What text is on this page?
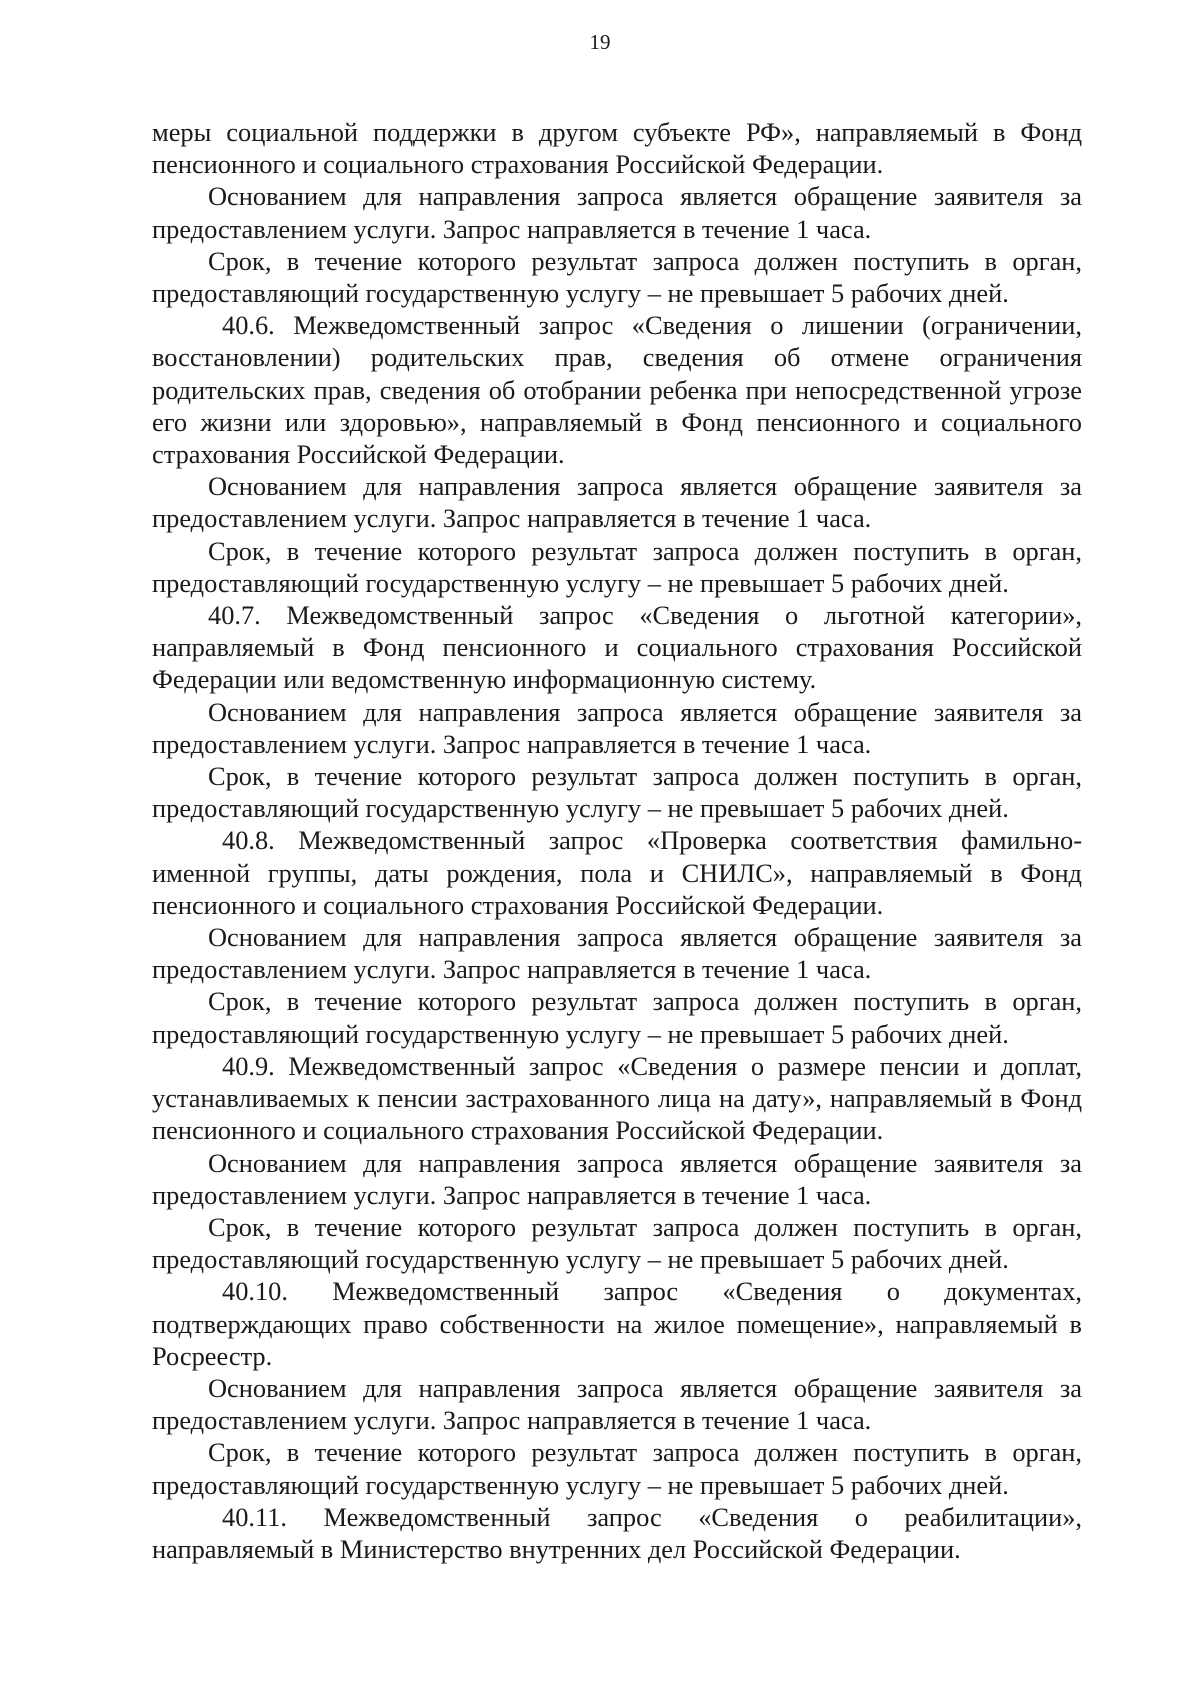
19

меры социальной поддержки в другом субъекте РФ», направляемый в Фонд пенсионного и социального страхования Российской Федерации.

Основанием для направления запроса является обращение заявителя за предоставлением услуги. Запрос направляется в течение 1 часа.

Срок, в течение которого результат запроса должен поступить в орган, предоставляющий государственную услугу – не превышает 5 рабочих дней.

40.6. Межведомственный запрос «Сведения о лишении (ограничении, восстановлении) родительских прав, сведения об отмене ограничения родительских прав, сведения об отобрании ребенка при непосредственной угрозе его жизни или здоровью», направляемый в Фонд пенсионного и социального страхования Российской Федерации.

Основанием для направления запроса является обращение заявителя за предоставлением услуги. Запрос направляется в течение 1 часа.

Срок, в течение которого результат запроса должен поступить в орган, предоставляющий государственную услугу – не превышает 5 рабочих дней.

40.7. Межведомственный запрос «Сведения о льготной категории», направляемый в Фонд пенсионного и социального страхования Российской Федерации или ведомственную информационную систему.

Основанием для направления запроса является обращение заявителя за предоставлением услуги. Запрос направляется в течение 1 часа.

Срок, в течение которого результат запроса должен поступить в орган, предоставляющий государственную услугу – не превышает 5 рабочих дней.

40.8. Межведомственный запрос «Проверка соответствия фамильно-именной группы, даты рождения, пола и СНИЛС», направляемый в Фонд пенсионного и социального страхования Российской Федерации.

Основанием для направления запроса является обращение заявителя за предоставлением услуги. Запрос направляется в течение 1 часа.

Срок, в течение которого результат запроса должен поступить в орган, предоставляющий государственную услугу – не превышает 5 рабочих дней.

40.9. Межведомственный запрос «Сведения о размере пенсии и доплат, устанавливаемых к пенсии застрахованного лица на дату», направляемый в Фонд пенсионного и социального страхования Российской Федерации.

Основанием для направления запроса является обращение заявителя за предоставлением услуги. Запрос направляется в течение 1 часа.

Срок, в течение которого результат запроса должен поступить в орган, предоставляющий государственную услугу – не превышает 5 рабочих дней.

40.10. Межведомственный запрос «Сведения о документах, подтверждающих право собственности на жилое помещение», направляемый в Росреестр.

Основанием для направления запроса является обращение заявителя за предоставлением услуги. Запрос направляется в течение 1 часа.

Срок, в течение которого результат запроса должен поступить в орган, предоставляющий государственную услугу – не превышает 5 рабочих дней.

40.11. Межведомственный запрос «Сведения о реабилитации», направляемый в Министерство внутренних дел Российской Федерации.
